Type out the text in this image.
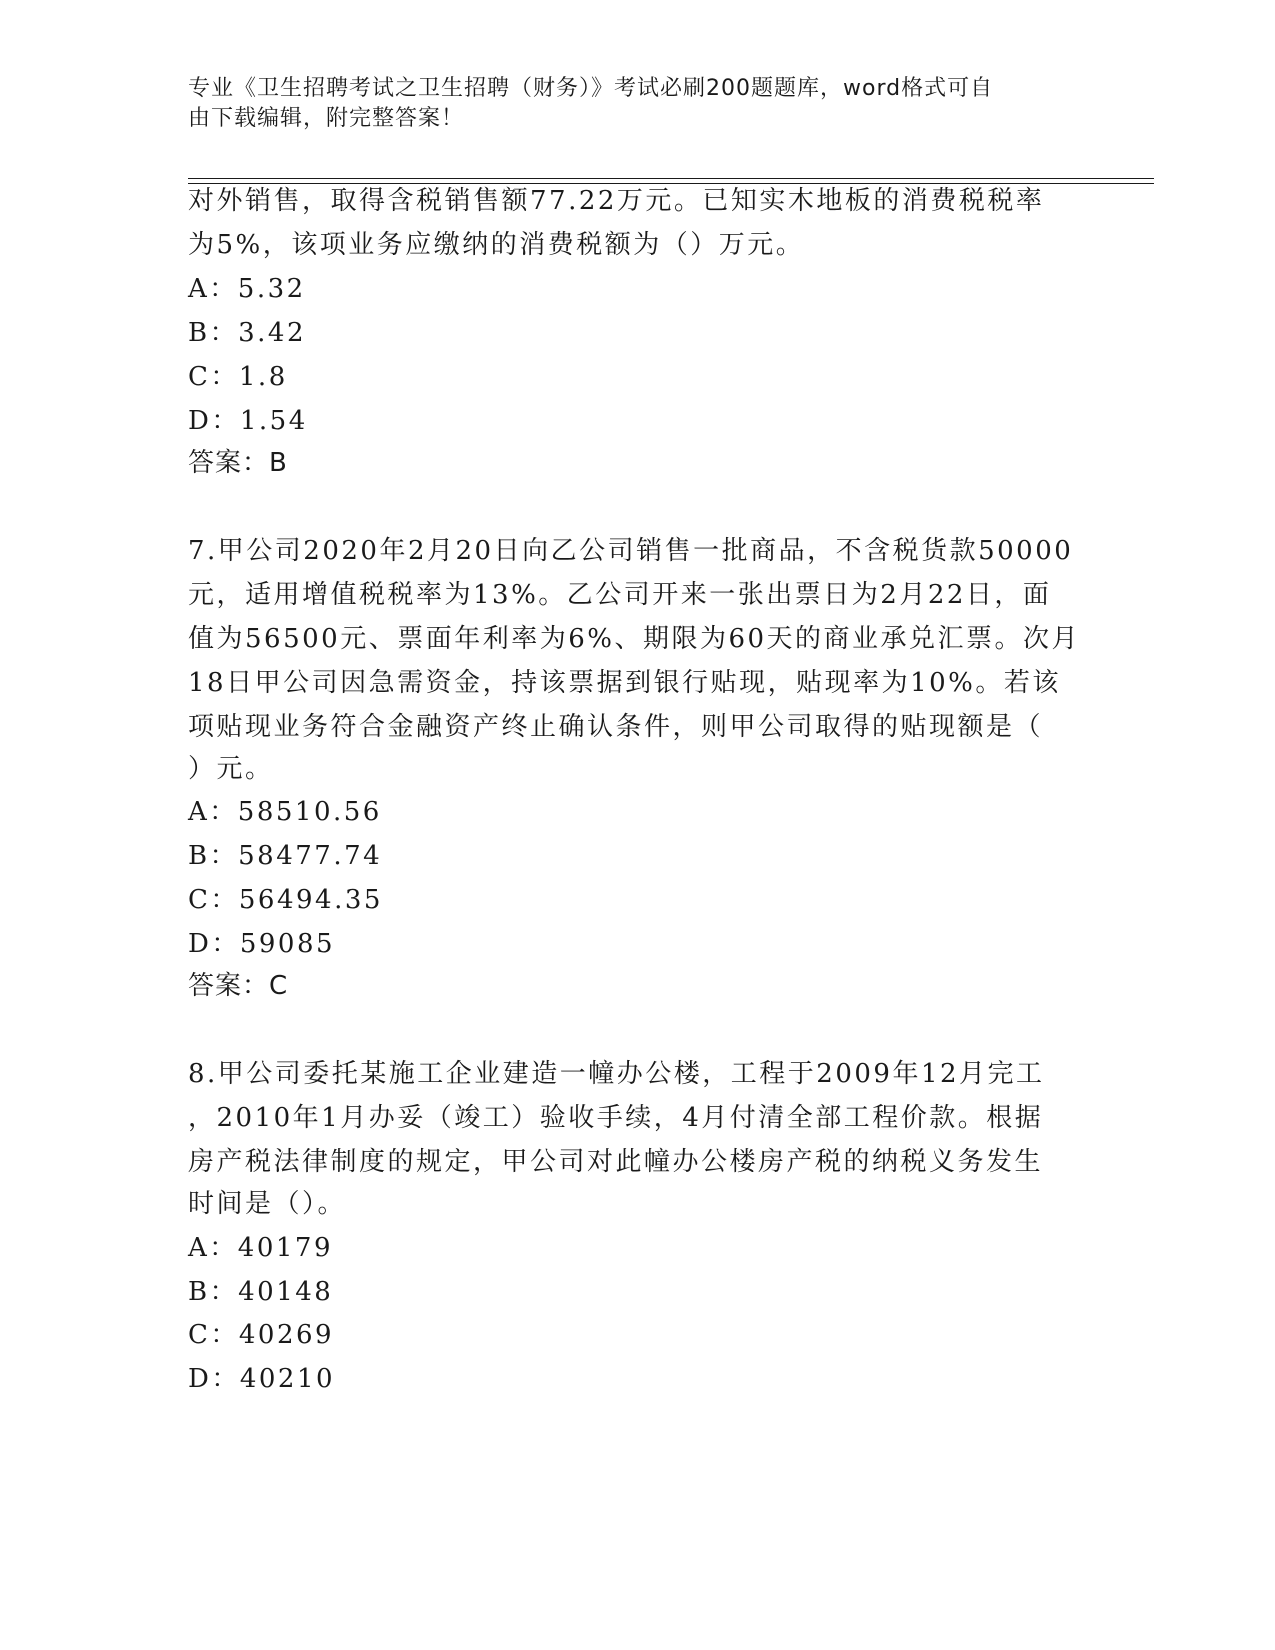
专业《卫生招聘考试之卫生招聘（财务）》考试必刷200题题库，word格式可自
由下载编辑，附完整答案！
对外销售，取得含税销售额77.22万元。已知实木地板的消费税税率
为5%，该项业务应缴纳的消费税额为（）万元。
A：5.32
B：3.42
C：1.8
D：1.54
答案：B
7.甲公司2020年2月20日向乙公司销售一批商品，不含税货款50000
元，适用增值税税率为13%。乙公司开来一张出票日为2月22日，面
值为56500元、票面年利率为6%、期限为60天的商业承兑汇票。次月
18日甲公司因急需资金，持该票据到银行贴现，贴现率为10%。若该
项贴现业务符合金融资产终止确认条件，则甲公司取得的贴现额是（
）元。
A：58510.56
B：58477.74
C：56494.35
D：59085
答案：C
8.甲公司委托某施工企业建造一幢办公楼，工程于2009年12月完工
，2010年1月办妥（竣工）验收手续，4月付清全部工程价款。根据
房产税法律制度的规定，甲公司对此幢办公楼房产税的纳税义务发生
时间是（）。
A：40179
B：40148
C：40269
D：40210
